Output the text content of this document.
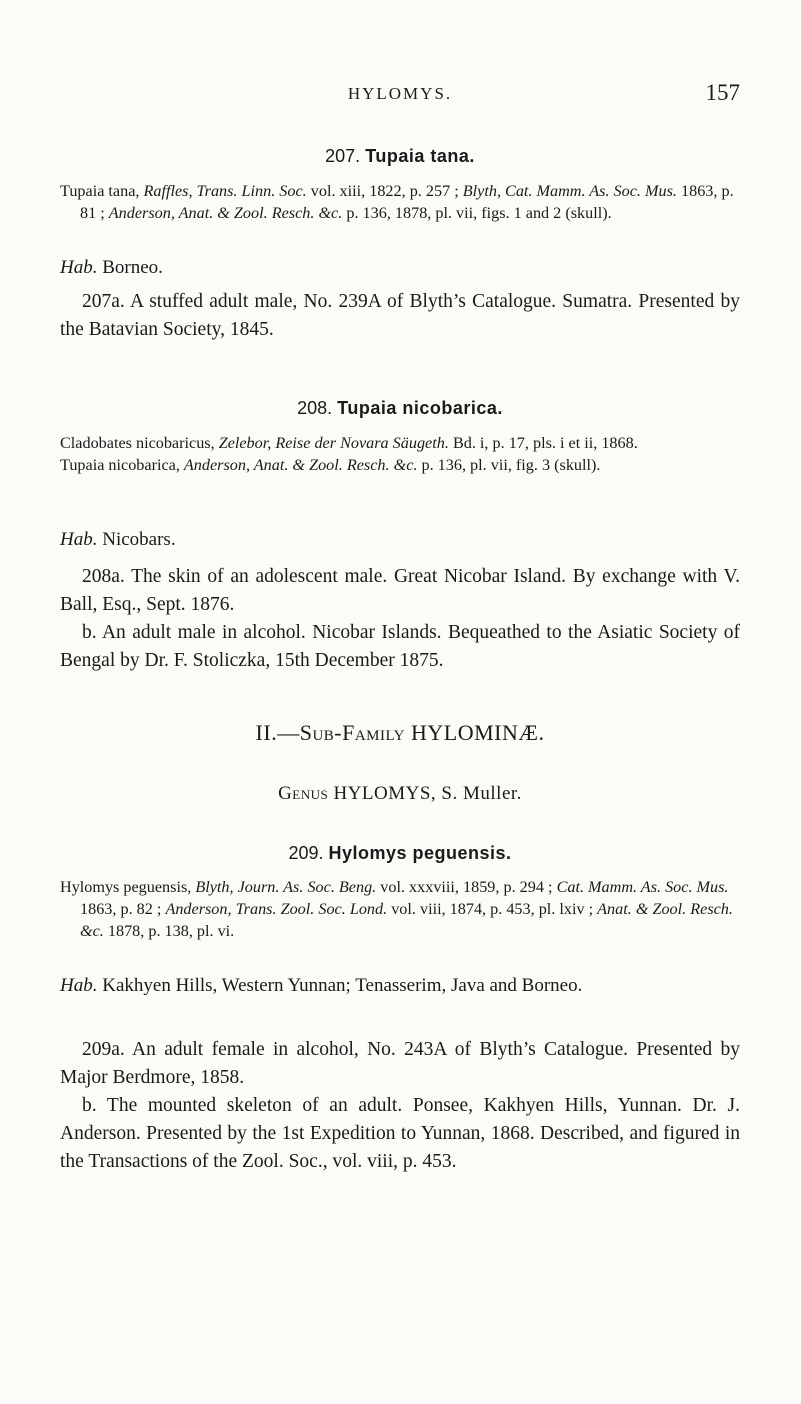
HYLOMYS.	157
207. Tupaia tana.

Tupaia tana, Raffles, Trans. Linn. Soc. vol. xiii, 1822, p. 257 ; Blyth, Cat. Mamm. As. Soc. Mus. 1863, p. 81 ; Anderson, Anat. & Zool. Resch. &c. p. 136, 1878, pl. vii, figs. 1 and 2 (skull).

Hab. Borneo.

207a. A stuffed adult male, No. 239A of Blyth’s Catalogue. Sumatra. Presented by the Batavian Society, 1845.

208. Tupaia nicobarica.

Cladobates nicobaricus, Zelebor, Reise der Novara Säugeth. Bd. i, p. 17, pls. i et ii, 1868.

Tupaia nicobarica, Anderson, Anat. & Zool. Resch. &c. p. 136, pl. vii, fig. 3 (skull).

Hab. Nicobars.

208a. The skin of an adolescent male. Great Nicobar Island. By exchange with V. Ball, Esq., Sept. 1876.

b. An adult male in alcohol. Nicobar Islands. Bequeathed to the Asiatic Society of Bengal by Dr. F. Stoliczka, 15th December 1875.

II.—Sub-Family HYLOMINÆ.
Genus HYLOMYS, S. Muller.
209. Hylomys peguensis.

Hylomys peguensis, Blyth, Journ. As. Soc. Beng. vol. xxxviii, 1859, p. 294 ; Cat. Mamm. As. Soc. Mus. 1863, p. 82 ; Anderson, Trans. Zool. Soc. Lond. vol. viii, 1874, p. 453, pl. lxiv ; Anat. & Zool. Resch. &c. 1878, p. 138, pl. vi.

Hab. Kakhyen Hills, Western Yunnan; Tenasserim, Java and Borneo.

209a. An adult female in alcohol, No. 243A of Blyth’s Catalogue. Presented by Major Berdmore, 1858.

b. The mounted skeleton of an adult. Ponsee, Kakhyen Hills, Yunnan. Dr. J. Anderson. Presented by the 1st Expedition to Yunnan, 1868. Described, and figured in the Transactions of the Zool. Soc., vol. viii, p. 453.
